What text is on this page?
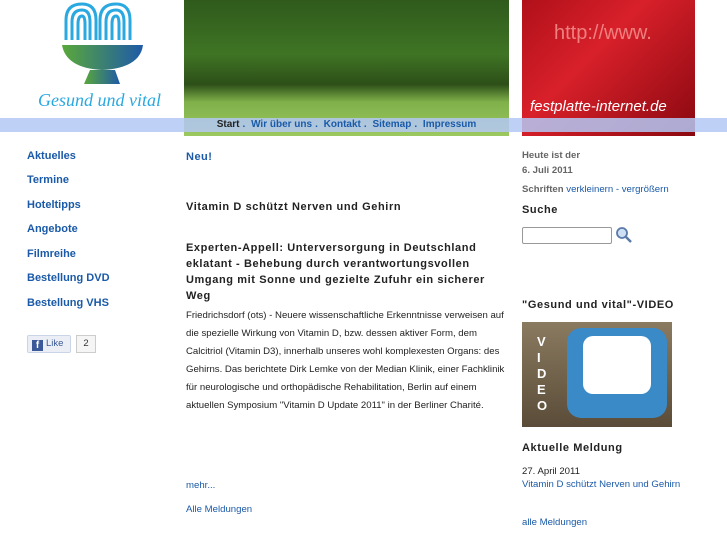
Gesund und vital
http://www.
festplatte-internet.de
Start . Wir über uns . Kontakt . Sitemap . Impressum
Aktuelles
Termine
Hoteltipps
Angebote
Filmreihe
Bestellung DVD
Bestellung VHS
f Like	2
Neu!
Vitamin D schützt Nerven und Gehirn
Experten-Appell: Unterversorgung in Deutschland eklatant - Behebung durch verantwortungsvollen Umgang mit Sonne und gezielte Zufuhr ein sicherer Weg
Friedrichsdorf (ots) - Neuere wissenschaftliche Erkenntnisse verweisen auf die spezielle Wirkung von Vitamin D, bzw. dessen aktiver Form, dem Calcitriol (Vitamin D3), innerhalb unseres wohl komplexesten Organs: des Gehirns. Das berichtete Dirk Lemke von der Median Klinik, einer Fachklinik für neurologische und orthopädische Rehabilitation, Berlin auf einem aktuellen Symposium "Vitamin D Update 2011" in der Berliner Charité.
mehr...
Alle Meldungen
Heute ist der
6. Juli 2011
Schriften verkleinern - vergrößern
Suche
"Gesund und vital"-VIDEO
VIDEO
Aktuelle Meldung
27. April 2011
Vitamin D schützt Nerven und Gehirn
alle Meldungen
